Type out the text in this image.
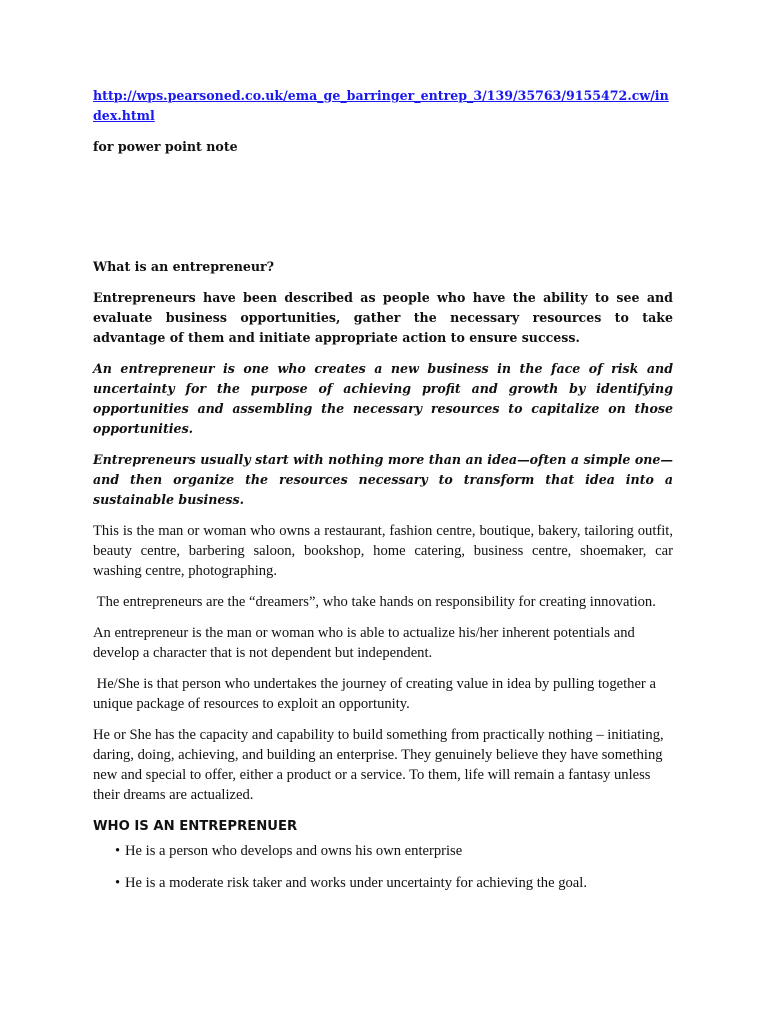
http://wps.pearsoned.co.uk/ema_ge_barringer_entrep_3/139/35763/9155472.cw/index.html

for power point note

What is an entrepreneur?

Entrepreneurs have been described as people who have the ability to see and evaluate business opportunities, gather the necessary resources to take advantage of them and initiate appropriate action to ensure success.

An entrepreneur is one who creates a new business in the face of risk and uncertainty for the purpose of achieving profit and growth by identifying opportunities and assembling the necessary resources to capitalize on those opportunities.

Entrepreneurs usually start with nothing more than an idea—often a simple one—and then organize the resources necessary to transform that idea into a sustainable business.

This is the man or woman who owns a restaurant, fashion centre, boutique, bakery, tailoring outfit, beauty centre, barbering saloon, bookshop, home catering, business centre, shoemaker, car washing centre, photographing.

The entrepreneurs are the “dreamers”, who take hands on responsibility for creating innovation.

An entrepreneur is the man or woman who is able to actualize his/her inherent potentials and develop a character that is not dependent but independent.

He/She is that person who undertakes the journey of creating value in idea by pulling together a unique package of resources to exploit an opportunity.

He or She has the capacity and capability to build something from practically nothing – initiating, daring, doing, achieving, and building an enterprise. They genuinely believe they have something new and special to offer, either a product or a service. To them, life will remain a fantasy unless their dreams are actualized.

WHO IS AN ENTREPRENUER

• He is a person who develops and owns his own enterprise
• He is a moderate risk taker and works under uncertainty for achieving the goal.
